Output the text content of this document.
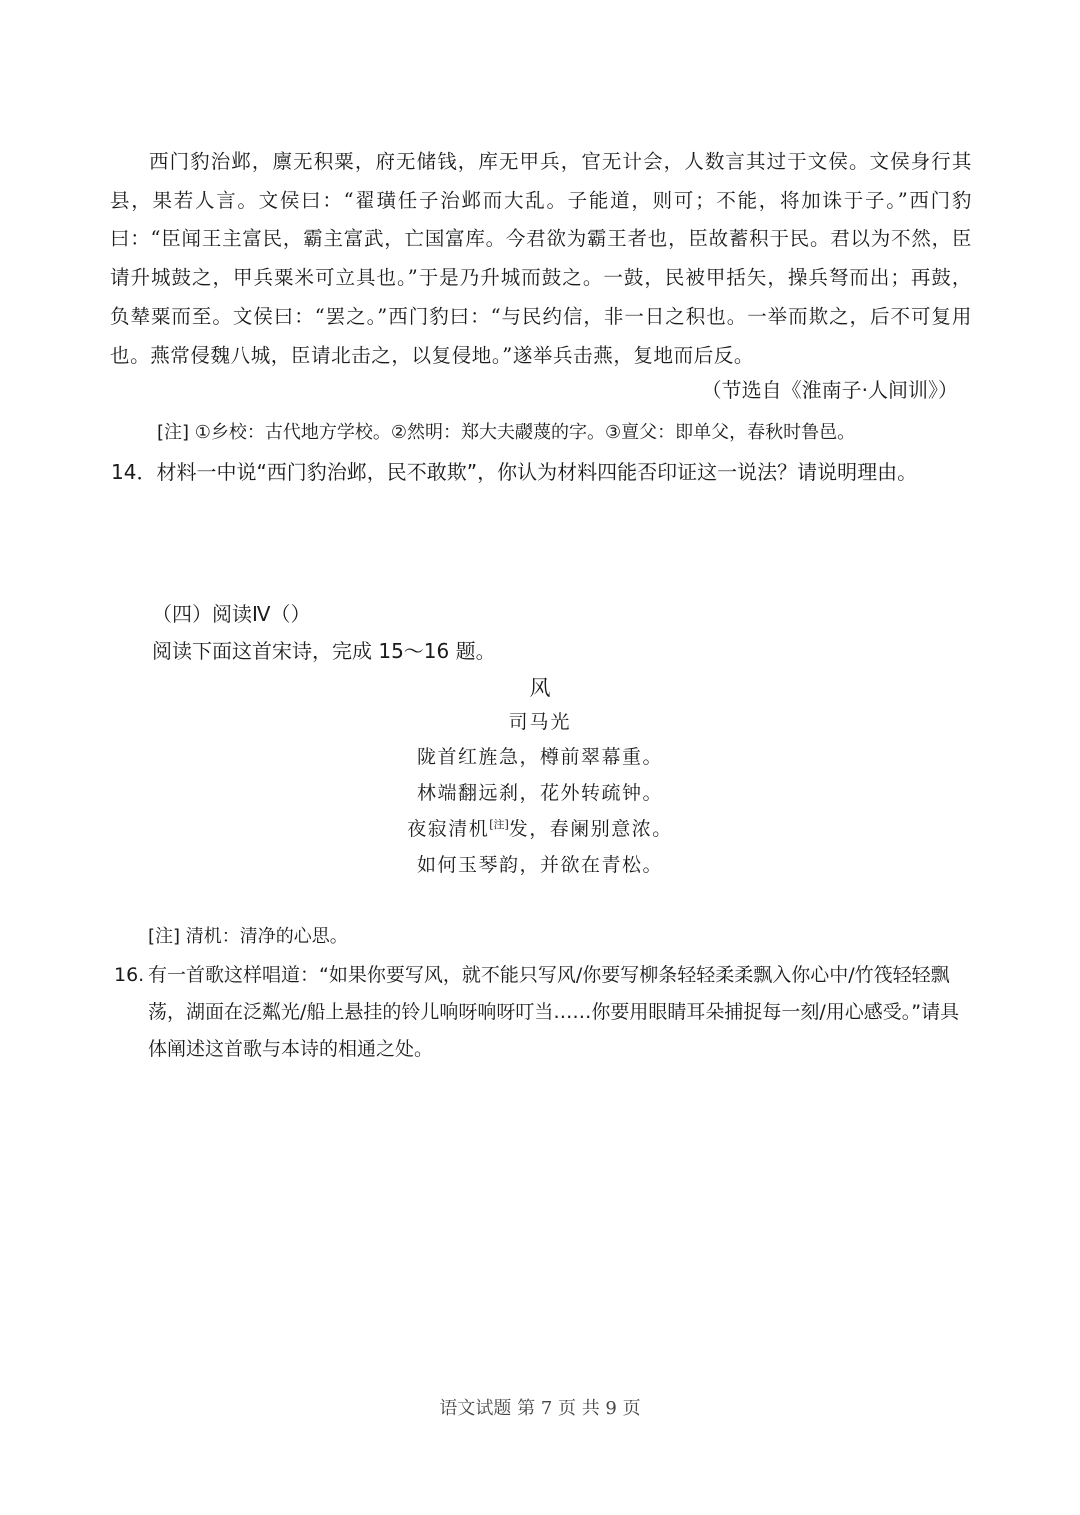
西门豹治邺，廪无积粟，府无储钱，库无甲兵，官无计会，人数言其过于文侯。文侯身行其县，果若人言。文侯曰：“翟璜任子治邺而大乱。子能道，则可；不能，将加诛于子。”西门豹曰：“臣闻王主富民，霸主富武，亡国富库。今君欲为霸王者也，臣故蓄积于民。君以为不然，臣请升城鼓之，甲兵粟米可立具也。”于是乃升城而鼓之。一鼓，民被甲括矢，操兵弩而出；再鼓，负辇粟而至。文侯曰：“罢之。”西门豹曰：“与民约信，非一日之积也。一举而欺之，后不可复用也。燕常侵魏八城，臣请北击之，以复侵地。”遂举兵击燕，复地而后反。

（节选自《淮南子·人间训》）
[注] ①乡校：古代地方学校。②然明：郑大夫鬷蔑的字。③亶父：即单父，春秋时鲁邑。
14．材料一中说“西门豹治邺，民不敢欺”，你认为材料四能否印证这一说法？请说明理由。
（四）阅读Ⅳ（）
阅读下面这首宋诗，完成 15～16 题。
风
司马光
陇首红旌急，樽前翠幕重。
林端翻远刹，花外转疏钟。
夜寂清机[注]发，春阑别意浓。
如何玉琴韵，并欲在青松。
[注] 清机：清净的心思。
16. 有一首歌这样唱道：“如果你要写风，就不能只写风/你要写柳条轻轻柔柔飘入你心中/竹筏轻轻飘荡，湖面在泛粼光/船上悬挂的铃儿响呀响呀叮当……你要用眼睛耳朵捕捉每一刻/用心感受。”请具体阐述这首歌与本诗的相通之处。
语文试题 第 7 页 共 9 页
